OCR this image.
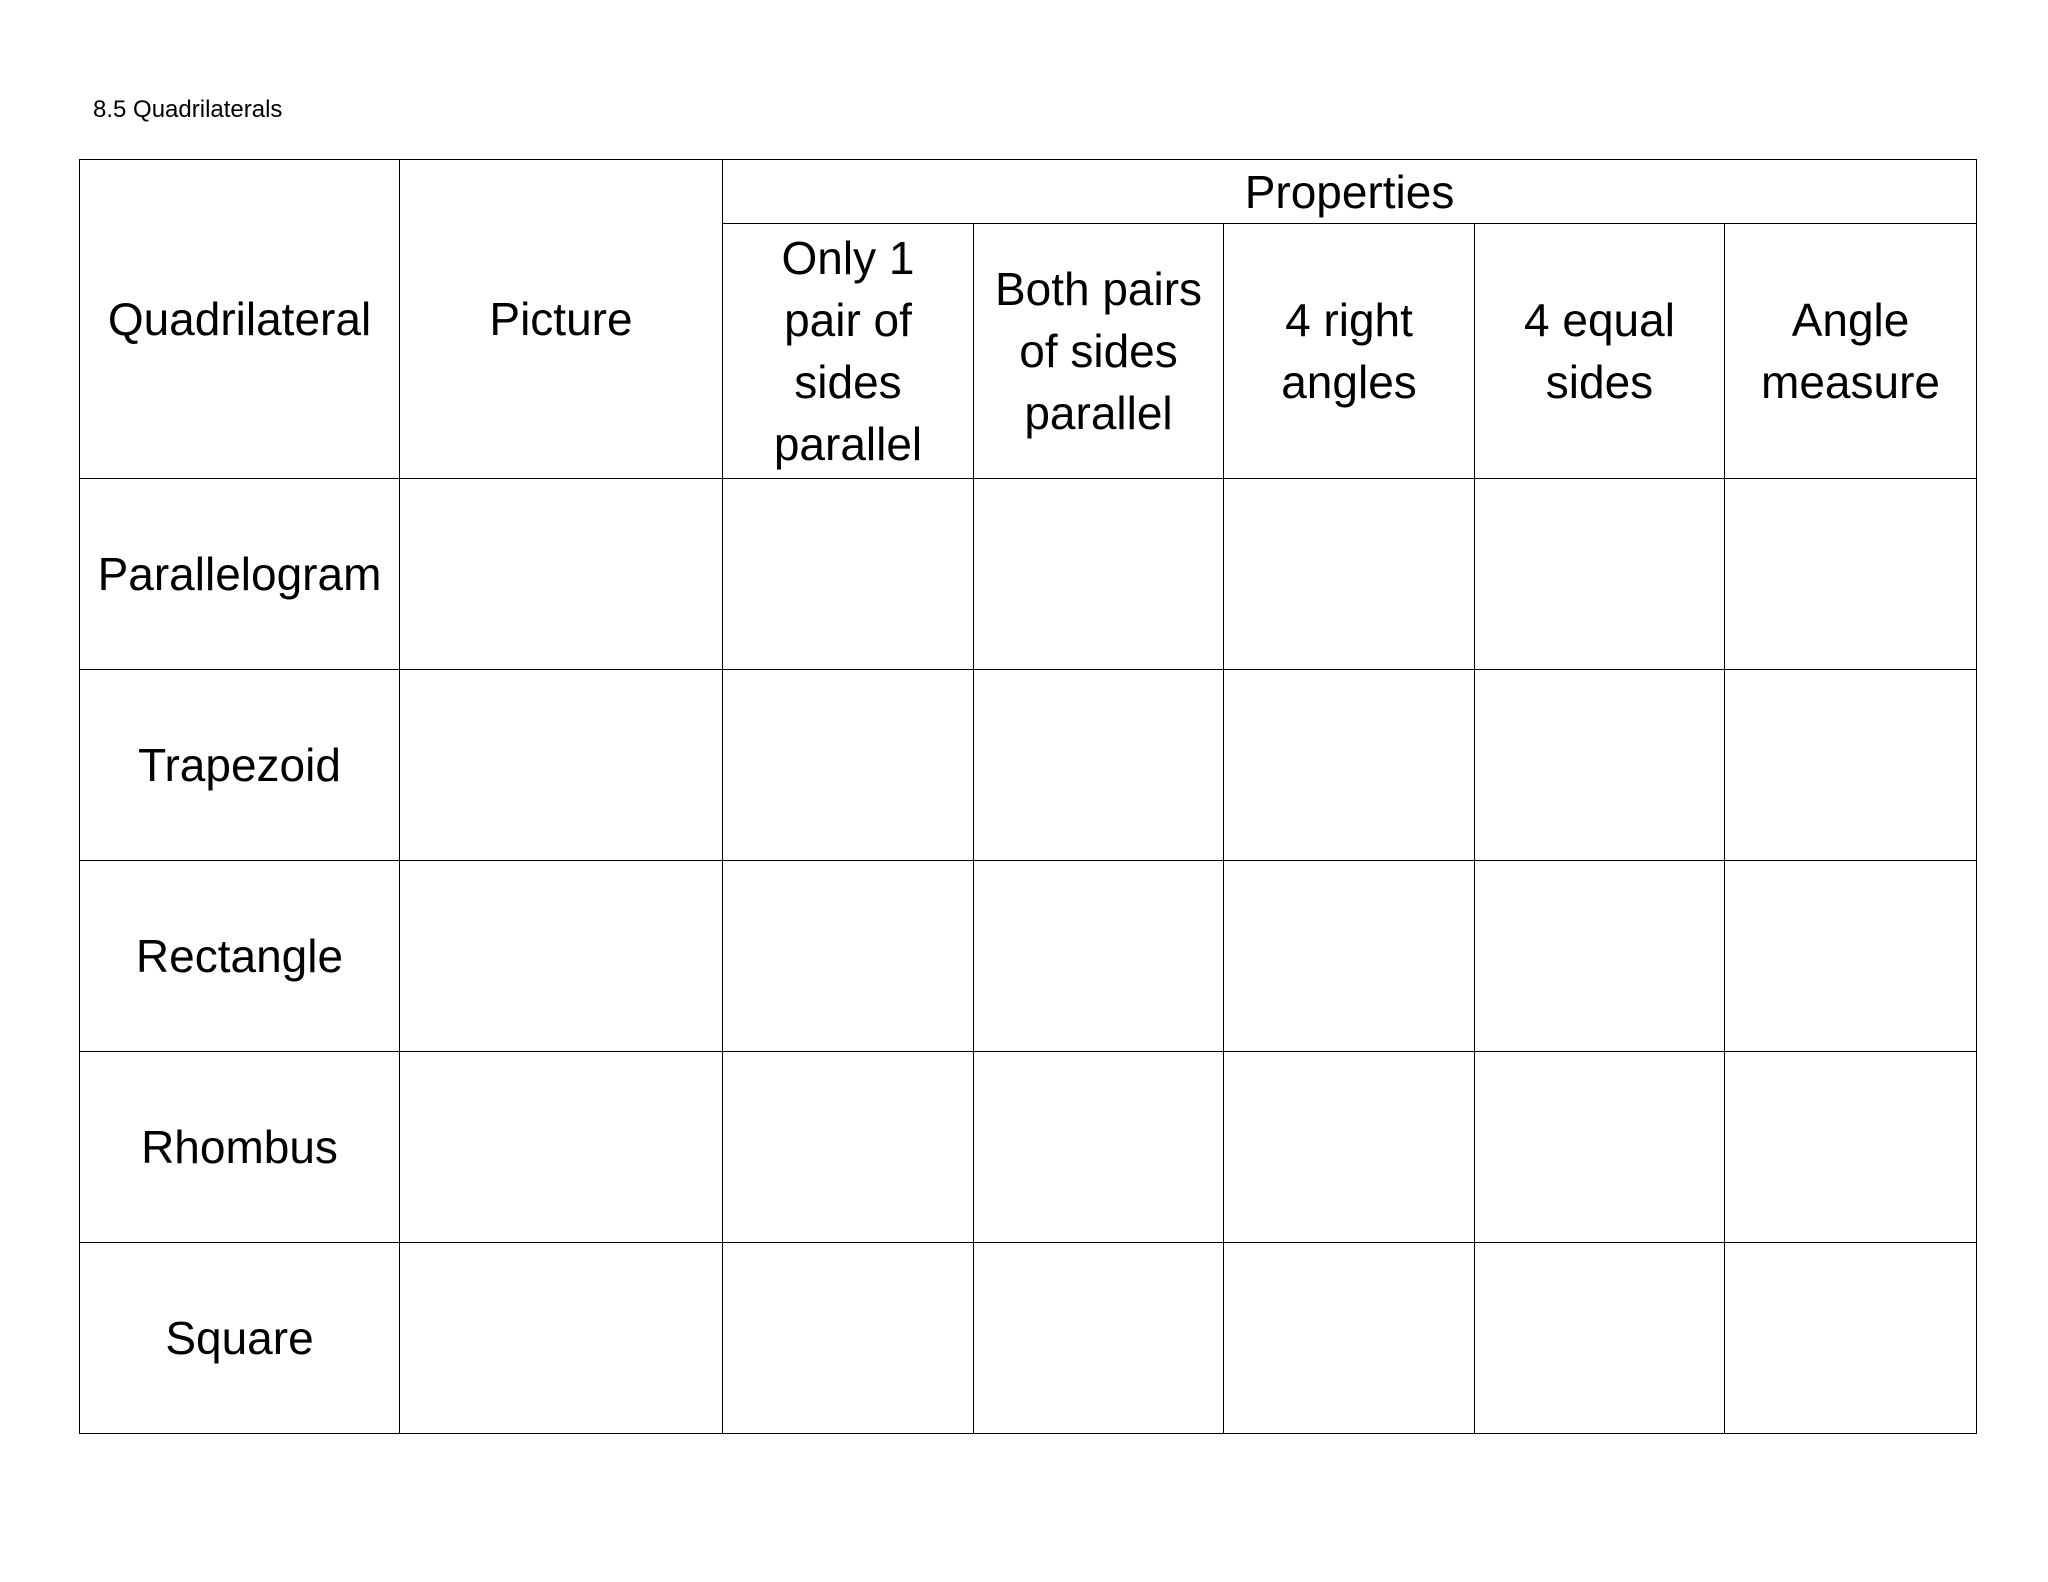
8.5 Quadrilaterals
Quadrilateral	Picture	Properties				
		Only 1 pair of sides parallel	Both pairs of sides parallel	4 right angles	4 equal sides	Angle measure
Parallelogram						
Trapezoid						
Rectangle						
Rhombus						
Square						
